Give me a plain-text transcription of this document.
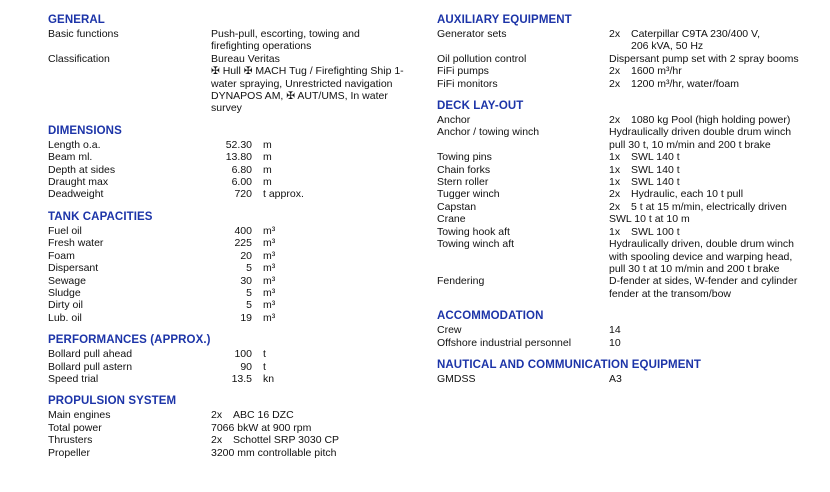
GENERAL
Basic functions	Push-pull, escorting, towing and
firefighting operations
Classification	Bureau Veritas
✠ Hull ✠ MACH Tug / Firefighting Ship 1-
water spraying, Unrestricted navigation
DYNAPOS AM, ✠ AUT/UMS, In water
survey
DIMENSIONS
Length o.a.	52.30 m
Beam ml.	13.80 m
Depth at sides	6.80 m
Draught max	6.00 m
Deadweight	720 t approx.
TANK CAPACITIES
Fuel oil	400 m³
Fresh water	225 m³
Foam	20 m³
Dispersant	5 m³
Sewage	30 m³
Sludge	5 m³
Dirty oil	5 m³
Lub. oil	19 m³
PERFORMANCES (APPROX.)
Bollard pull ahead	100 t
Bollard pull astern	90 t
Speed trial	13.5 kn
PROPULSION SYSTEM
Main engines	2x	ABC 16 DZC
Total power	7066 bkW at 900 rpm
Thrusters	2x	Schottel SRP 3030 CP
Propeller	3200 mm controllable pitch
AUXILIARY EQUIPMENT
Generator sets	2x	Caterpillar C9TA 230/400 V,
206 kVA, 50 Hz
Oil pollution control	Dispersant pump set with 2 spray booms
FiFi pumps	2x	1600 m³/hr
FiFi monitors	2x	1200 m³/hr, water/foam
DECK LAY-OUT
Anchor	2x	1080 kg Pool (high holding power)
Anchor / towing winch	Hydraulically driven double drum winch
pull 30 t, 10 m/min and 200 t brake
Towing pins	1x	SWL 140 t
Chain forks	1x	SWL 140 t
Stern roller	1x	SWL 140 t
Tugger winch	2x	Hydraulic, each 10 t pull
Capstan	2x	5 t at 15 m/min, electrically driven
Crane	SWL 10 t at 10 m
Towing hook aft	1x	SWL 100 t
Towing winch aft	Hydraulically driven, double drum winch
with spooling device and warping head,
pull 30 t at 10 m/min and 200 t brake
Fendering	D-fender at sides, W-fender and cylinder
fender at the transom/bow
ACCOMMODATION
Crew	14
Offshore industrial personnel	10
NAUTICAL AND COMMUNICATION EQUIPMENT
GMDSS	A3
